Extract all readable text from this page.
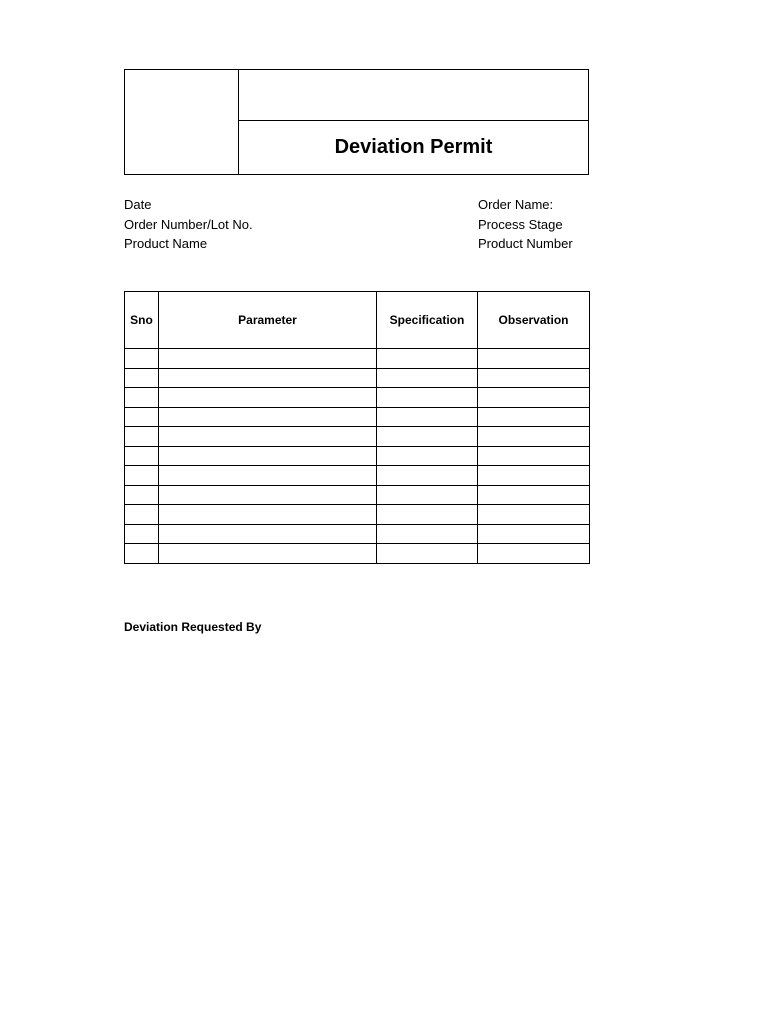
Deviation Permit
Date
Order Number/Lot No.
Product Name
Order Name:
Process Stage
Product Number
Sno	Parameter	Specification	Observation

Deviation Requested By
